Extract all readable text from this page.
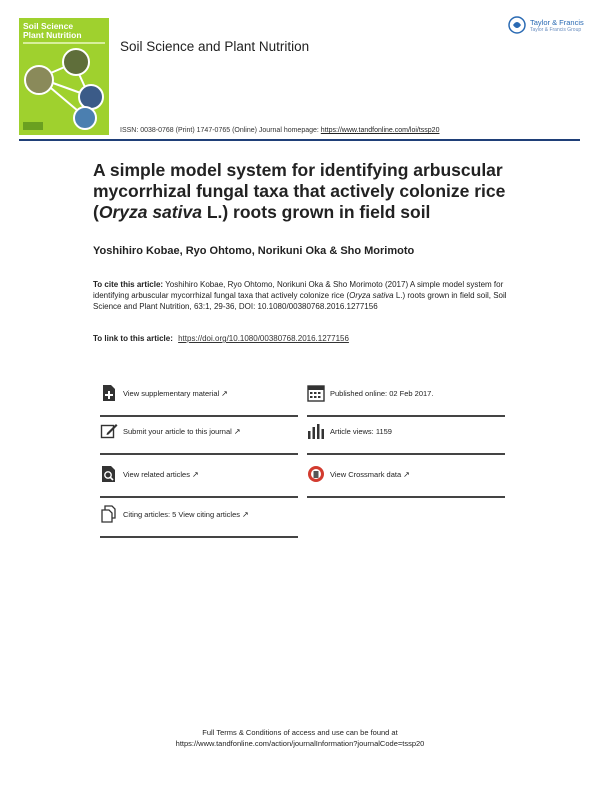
Soil Science
Plant Nutrition
Soil Science and Plant Nutrition
Taylor & Francis
Taylor & Francis Group
ISSN: 0038-0768 (Print) 1747-0765 (Online) Journal homepage: https://www.tandfonline.com/loi/tssp20
A simple model system for identifying arbuscular
mycorrhizal fungal taxa that actively colonize rice
(Oryza sativa L.) roots grown in field soil
Yoshihiro Kobae, Ryo Ohtomo, Norikuni Oka & Sho Morimoto
To cite this article: Yoshihiro Kobae, Ryo Ohtomo, Norikuni Oka & Sho Morimoto (2017) A simple model system for identifying arbuscular mycorrhizal fungal taxa that actively colonize rice (Oryza sativa L.) roots grown in field soil, Soil Science and Plant Nutrition, 63:1, 29-36, DOI: 10.1080/00380768.2016.1277156
To link to this article: https://doi.org/10.1080/00380768.2016.1277156
View supplementary material ↗
Submit your article to this journal ↗
View related articles ↗
Citing articles: 5 View citing articles ↗
Published online: 02 Feb 2017.
Article views: 1159
View Crossmark data ↗
Full Terms & Conditions of access and use can be found at
https://www.tandfonline.com/action/journalInformation?journalCode=tssp20
